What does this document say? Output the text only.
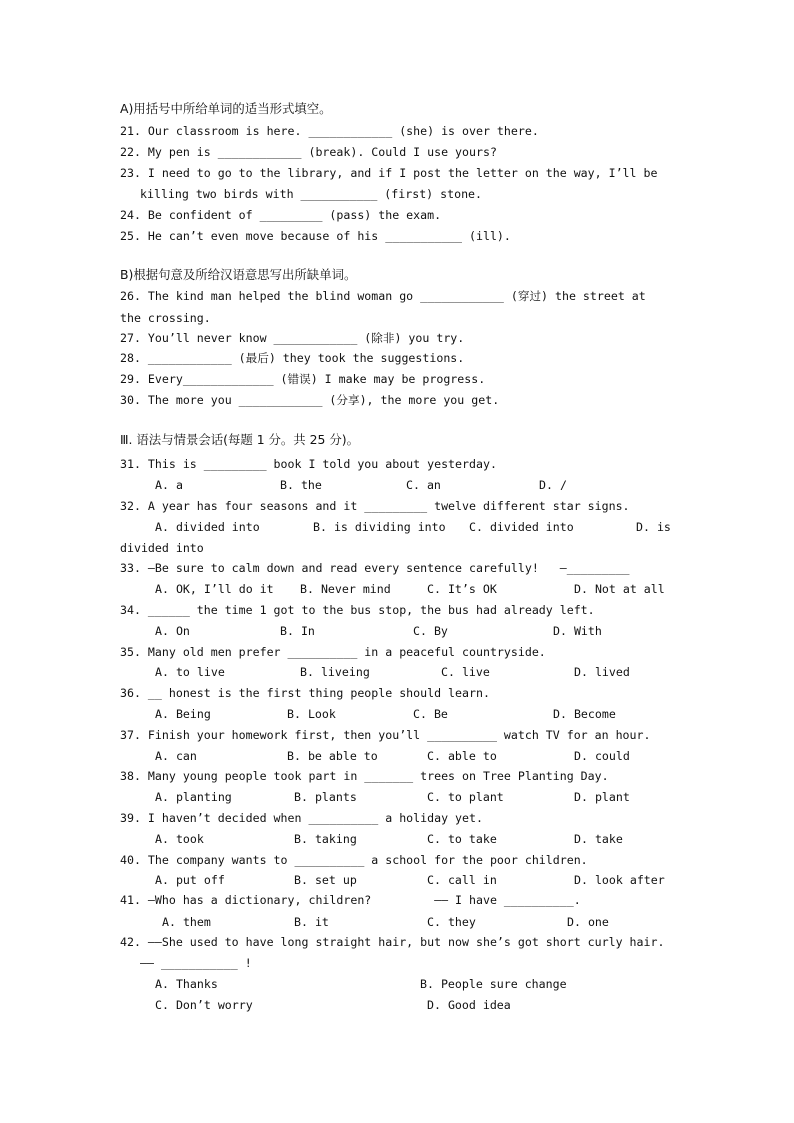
A)用括号中所给单词的适当形式填空。
21. Our classroom is here. ____________ (she) is over there.
22. My pen is ____________ (break). Could I use yours?
23. I need to go to the library, and if I post the letter on the way, I’ll be
killing two birds with ___________ (first) stone.
24. Be confident of _________ (pass) the exam.
25. He can’t even move because of his ___________ (ill).
B)根据句意及所给汉语意思写出所缺单词。
26. The kind man helped the blind woman go ____________ (穿过) the street at
the crossing.
27. You’ll never know ____________ (除非) you try.
28. ____________ (最后) they took the suggestions.
29. Every_____________ (错误) I make may be progress.
30. The more you ____________ (分享), the more you get.
Ⅲ. 语法与情景会话(每题 1 分。共 25 分)。
31. This is _________ book I told you about yesterday.
A. a	B. the	C. an	D. /
32. A year has four seasons and it _________ twelve different star signs.
A. divided into	B. is dividing into C. divided into	D. is
divided into
33. —Be sure to calm down and read every sentence carefully!   —_________
A. OK, I’ll do it B. Never mind	C. It’s OK	D. Not at all
34. ______ the time 1 got to the bus stop, the bus had already left.
A. On	B. In	C. By	D. With
35. Many old men prefer __________ in a peaceful countryside.
A. to live	B. liveing	C. live	D. lived
36. __ honest is the first thing people should learn.
A. Being	B. Look	C. Be	D. Become
37. Finish your homework first, then you’ll __________ watch TV for an hour.
A. can	B. be able to	C. able to	D. could
38. Many young people took part in _______ trees on Tree Planting Day.
A. planting	B. plants	C. to plant	D. plant
39. I haven’t decided when __________ a holiday yet.
A. took	B. taking	C. to take	D. take
40. The company wants to __________ a school for the poor children.
A. put off	B. set up	C. call in	D. look after
41. —Who has a dictionary, children?         —— I have __________.
A. them	B. it	C. they	D. one
42. ——She used to have long straight hair, but now she’s got short curly hair.
—— ___________ !
A. Thanks	B. People sure change
C. Don’t worry	D. Good idea
